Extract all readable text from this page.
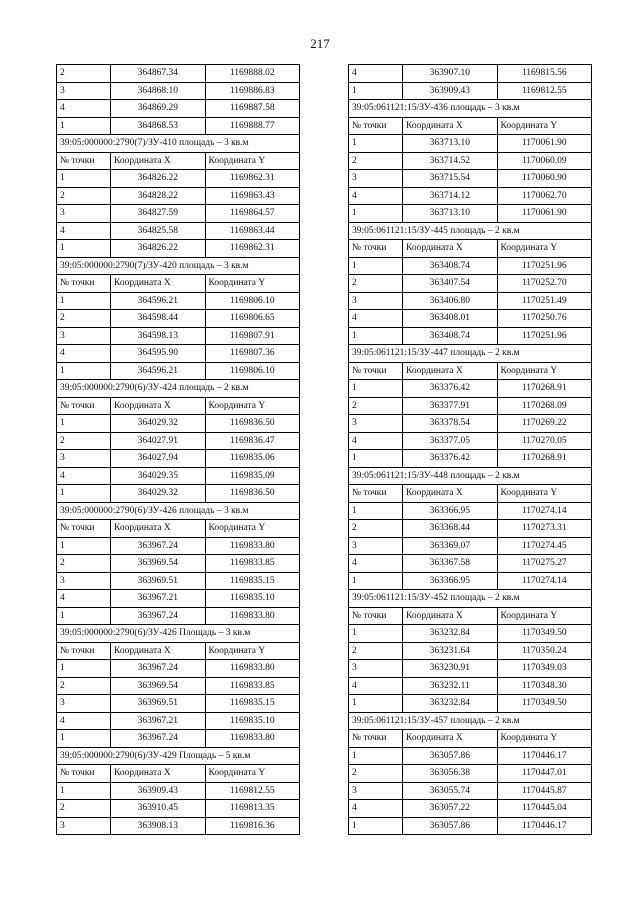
217
2	364867.34	1169888.02
3	364868.10	1169886.83
4	364869.29	1169887.58
1	364868.53	1169888.77
39:05:000000:2790(7)/ЗУ-410 площадь – 3 кв.м		
№ точки	Координата X	Координата Y
1	364826.22	1169862.31
2	364828.22	1169863.43
3	364827.59	1169864.57
4	364825.58	1169863.44
1	364826.22	1169862.31
39:05:000000:2790(7)/ЗУ-420 площадь – 3 кв.м		
№ точки	Координата X	Координата Y
1	364596.21	1169806.10
2	364598.44	1169806.65
3	364598.13	1169807.91
4	364595.90	1169807.36
1	364596.21	1169806.10
39:05:000000:2790(6)/ЗУ-424 площадь – 2 кв.м		
№ точки	Координата X	Координата Y
1	364029.32	1169836.50
2	364027.91	1169836.47
3	364027.94	1169835.06
4	364029.35	1169835.09
1	364029.32	1169836.50
39:05:000000:2790(6)/ЗУ-426 площадь – 3 кв.м		
№ точки	Координата X	Координата Y
1	363967.24	1169833.80
2	363969.54	1169833.85
3	363969.51	1169835.15
4	363967.21	1169835.10
1	363967.24	1169833.80
39:05:000000:2790(6)/ЗУ-426 Площадь – 3 кв.м		
№ точки	Координата X	Координата Y
1	363967.24	1169833.80
2	363969.54	1169833.85
3	363969.51	1169835.15
4	363967.21	1169835.10
1	363967.24	1169833.80
39:05:000000:2790(6)/ЗУ-429 Площадь – 5 кв.м		
№ точки	Координата X	Координата Y
1	363909.43	1169812.55
2	363910.45	1169813.35
3	363908.13	1169816.36
4	363907.10	1169815.56
1	363909.43	1169812.55
39:05:061121:15/ЗУ-436 площадь – 3 кв.м		
№ точки	Координата X	Координата Y
1	363713.10	1170061.90
2	363714.52	1170060.09
3	363715.54	1170060.90
4	363714.12	1170062.70
1	363713.10	1170061.90
39:05:061121:15/ЗУ-445 площадь – 2 кв.м		
№ точки	Координата X	Координата Y
1	363408.74	1170251.96
2	363407.54	1170252.70
3	363406.80	1170251.49
4	363408.01	1170250.76
1	363408.74	1170251.96
39:05:061121:15/ЗУ-447 площадь – 2 кв.м		
№ точки	Координата X	Координата Y
1	363376.42	1170268.91
2	363377.91	1170268.09
3	363378.54	1170269.22
4	363377.05	1170270.05
1	363376.42	1170268.91
39:05:061121:15/ЗУ-448 площадь – 2 кв.м		
№ точки	Координата X	Координата Y
1	363366.95	1170274.14
2	363368.44	1170273.31
3	363369.07	1170274.45
4	363367.58	1170275.27
1	363366.95	1170274.14
39:05:061121:15/ЗУ-452 площадь – 2 кв.м		
№ точки	Координата X	Координата Y
1	363232.84	1170349.50
2	363231.64	1170350.24
3	363230.91	1170349.03
4	363232.11	1170348.30
1	363232.84	1170349.50
39:05:061121:15/ЗУ-457 площадь – 2 кв.м		
№ точки	Координата X	Координата Y
1	363057.86	1170446.17
2	363056.38	1170447.01
3	363055.74	1170445.87
4	363057.22	1170445.04
1	363057.86	1170446.17
